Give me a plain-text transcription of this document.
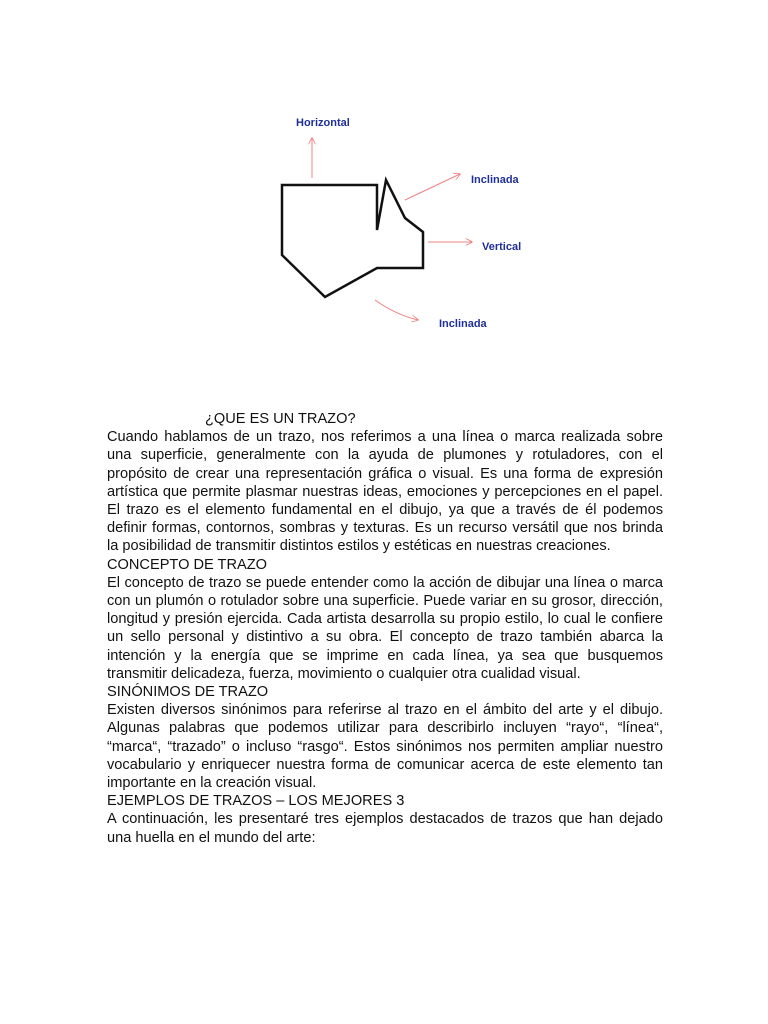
Horizontal
Inclinada
Vertical
Inclinada

¿QUE ES UN TRAZO?

Cuando hablamos de un trazo, nos referimos a una línea o marca realizada sobre una superficie, generalmente con la ayuda de plumones y rotuladores, con el propósito de crear una representación gráfica o visual. Es una forma de expresión artística que permite plasmar nuestras ideas, emociones y percepciones en el papel. El trazo es el elemento fundamental en el dibujo, ya que a través de él podemos definir formas, contornos, sombras y texturas. Es un recurso versátil que nos brinda la posibilidad de transmitir distintos estilos y estéticas en nuestras creaciones.

CONCEPTO DE TRAZO

El concepto de trazo se puede entender como la acción de dibujar una línea o marca con un plumón o rotulador sobre una superficie. Puede variar en su grosor, dirección, longitud y presión ejercida. Cada artista desarrolla su propio estilo, lo cual le confiere un sello personal y distintivo a su obra. El concepto de trazo también abarca la intención y la energía que se imprime en cada línea, ya sea que busquemos transmitir delicadeza, fuerza, movimiento o cualquier otra cualidad visual.

SINÓNIMOS DE TRAZO

Existen diversos sinónimos para referirse al trazo en el ámbito del arte y el dibujo. Algunas palabras que podemos utilizar para describirlo incluyen “rayo“, “línea“, “marca“, “trazado” o incluso “rasgo“. Estos sinónimos nos permiten ampliar nuestro vocabulario y enriquecer nuestra forma de comunicar acerca de este elemento tan importante en la creación visual.

EJEMPLOS DE TRAZOS – LOS MEJORES 3

A continuación, les presentaré tres ejemplos destacados de trazos que han dejado una huella en el mundo del arte:
